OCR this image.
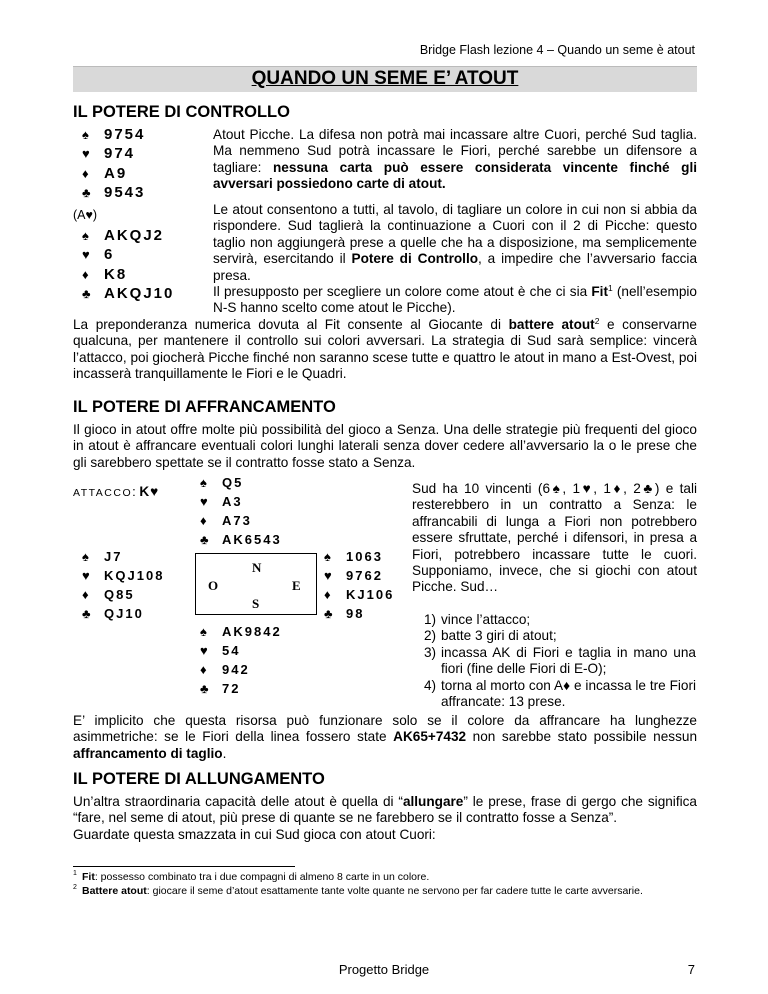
Bridge Flash lezione 4 – Quando un seme è atout
QUANDO UN SEME E’ ATOUT
IL POTERE DI CONTROLLO
♠	9754
♥ 974
♦	A9
♣ 9543
(A♥)
♠	AKQJ2
♥ 6
♦	K8
♣ AKQJ10
Atout Picche. La difesa non potrà mai incassare altre Cuori, perché Sud taglia. Ma nemmeno Sud potrà incassare le Fiori, perché sarebbe un difensore a tagliare: nessuna carta può essere considerata vincente finché gli avversari possiedono carte di atout.
Le atout consentono a tutti, al tavolo, di tagliare un colore in cui non si abbia da rispondere. Sud taglierà la continuazione a Cuori con il 2 di Picche: questo taglio non aggiungerà prese a quelle che ha a disposizione, ma semplicemente servirà, esercitando il Potere di Controllo, a impedire che l’avversario faccia presa.
Il presupposto per scegliere un colore come atout è che ci sia Fit$^1$ (nell’esempio N-S hanno scelto come atout le Picche).

La preponderanza numerica dovuta al Fit consente al Giocante di battere atout$^2$ e conservarne qualcuna, per mantenere il controllo sui colori avversari. La strategia di Sud sarà semplice: vincerà l’attacco, poi giocherà Picche finché non saranno scese tutte e quattro le atout in mano a Est-Ovest, poi incasserà tranquillamente le Fiori e le Quadri.

IL POTERE DI AFFRANCAMENTO

Il gioco in atout offre molte più possibilità del gioco a Senza. Una delle strategie più frequenti del gioco in atout è affrancare eventuali colori lunghi laterali senza dover cedere all’avversario la o le prese che gli sarebbero spettate se il contratto fosse stato a Senza.

ATTACCO: K♥
♠	Q5
♥	A3
♦	A73
♣	AK6543
♠	J7
♥	KQJ108
♦	Q85
♣	QJ10
N
O	E
S
♠	1063
♥	9762
♦	KJ106
♣	98
♠	AK9842
♥	54
♦	942
♣	72
Sud ha 10 vincenti (6♠, 1♥, 1♦, 2♣) e tali resterebbero in un contratto a Senza: le affrancabili di lunga a Fiori non potrebbero essere sfruttate, perché i difensori, in presa a Fiori, potrebbero incassare tutte le cuori. Supponiamo, invece, che si giochi con atout Picche. Sud…
1) vince l’attacco;
2) batte 3 giri di atout;
3) incassa AK di Fiori e taglia in mano una fiori (fine delle Fiori di E-O);
4) torna al morto con A♦ e incassa le tre Fiori affrancate: 13 prese.

E’ implicito che questa risorsa può funzionare solo se il colore da affrancare ha lunghezze asimmetriche: se le Fiori della linea fossero state AK65+7432 non sarebbe stato possibile nessun affrancamento di taglio.

IL POTERE DI ALLUNGAMENTO

Un’altra straordinaria capacità delle atout è quella di “allungare” le prese, frase di gergo che significa “fare, nel seme di atout, più prese di quante se ne farebbero se il contratto fosse a Senza”.
Guardate questa smazzata in cui Sud gioca con atout Cuori:

1 Fit: possesso combinato tra i due compagni di almeno 8 carte in un colore.
2 Battere atout: giocare il seme d’atout esattamente tante volte quante ne servono per far cadere tutte le carte avversarie.
Progetto Bridge	7
